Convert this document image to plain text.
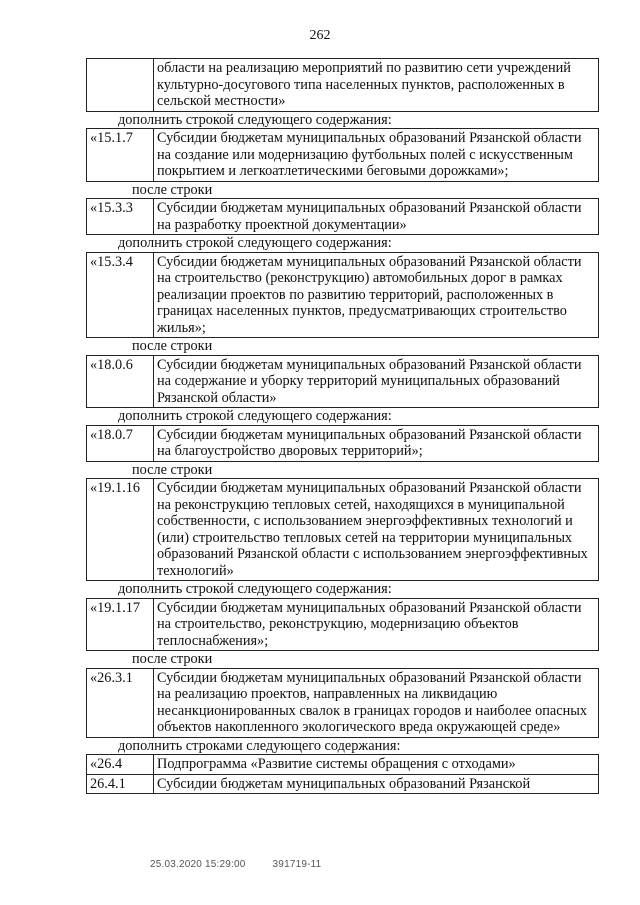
262
области на реализацию мероприятий по развитию сети учреждений культурно-досугового типа населенных пунктов, расположенных в сельской местности»
дополнить строкой следующего содержания:
«15.1.7	Субсидии бюджетам муниципальных образований Рязанской области на создание или модернизацию футбольных полей с искусственным покрытием и легкоатлетическими беговыми дорожками»;
после строки
«15.3.3	Субсидии бюджетам муниципальных образований Рязанской области на разработку проектной документации»
дополнить строкой следующего содержания:
«15.3.4	Субсидии бюджетам муниципальных образований Рязанской области на строительство (реконструкцию) автомобильных дорог в рамках реализации проектов по развитию территорий, расположенных в границах населенных пунктов, предусматривающих строительство жилья»;
после строки
«18.0.6	Субсидии бюджетам муниципальных образований Рязанской области на содержание и уборку территорий муниципальных образований Рязанской области»
дополнить строкой следующего содержания:
«18.0.7	Субсидии бюджетам муниципальных образований Рязанской области на благоустройство дворовых территорий»;
после строки
«19.1.16	Субсидии бюджетам муниципальных образований Рязанской области на реконструкцию тепловых сетей, находящихся в муниципальной собственности, с использованием энергоэффективных технологий и (или) строительство тепловых сетей на территории муниципальных образований Рязанской области с использованием энергоэффективных технологий»
дополнить строкой следующего содержания:
«19.1.17	Субсидии бюджетам муниципальных образований Рязанской области на строительство, реконструкцию, модернизацию объектов теплоснабжения»;
после строки
«26.3.1	Субсидии бюджетам муниципальных образований Рязанской области на реализацию проектов, направленных на ликвидацию несанкционированных свалок в границах городов и наиболее опасных объектов накопленного экологического вреда окружающей среде»
дополнить строками следующего содержания:
«26.4	Подпрограмма «Развитие системы обращения с отходами»
26.4.1	Субсидии бюджетам муниципальных образований Рязанской
25.03.2020 15:29:00	391719-11
